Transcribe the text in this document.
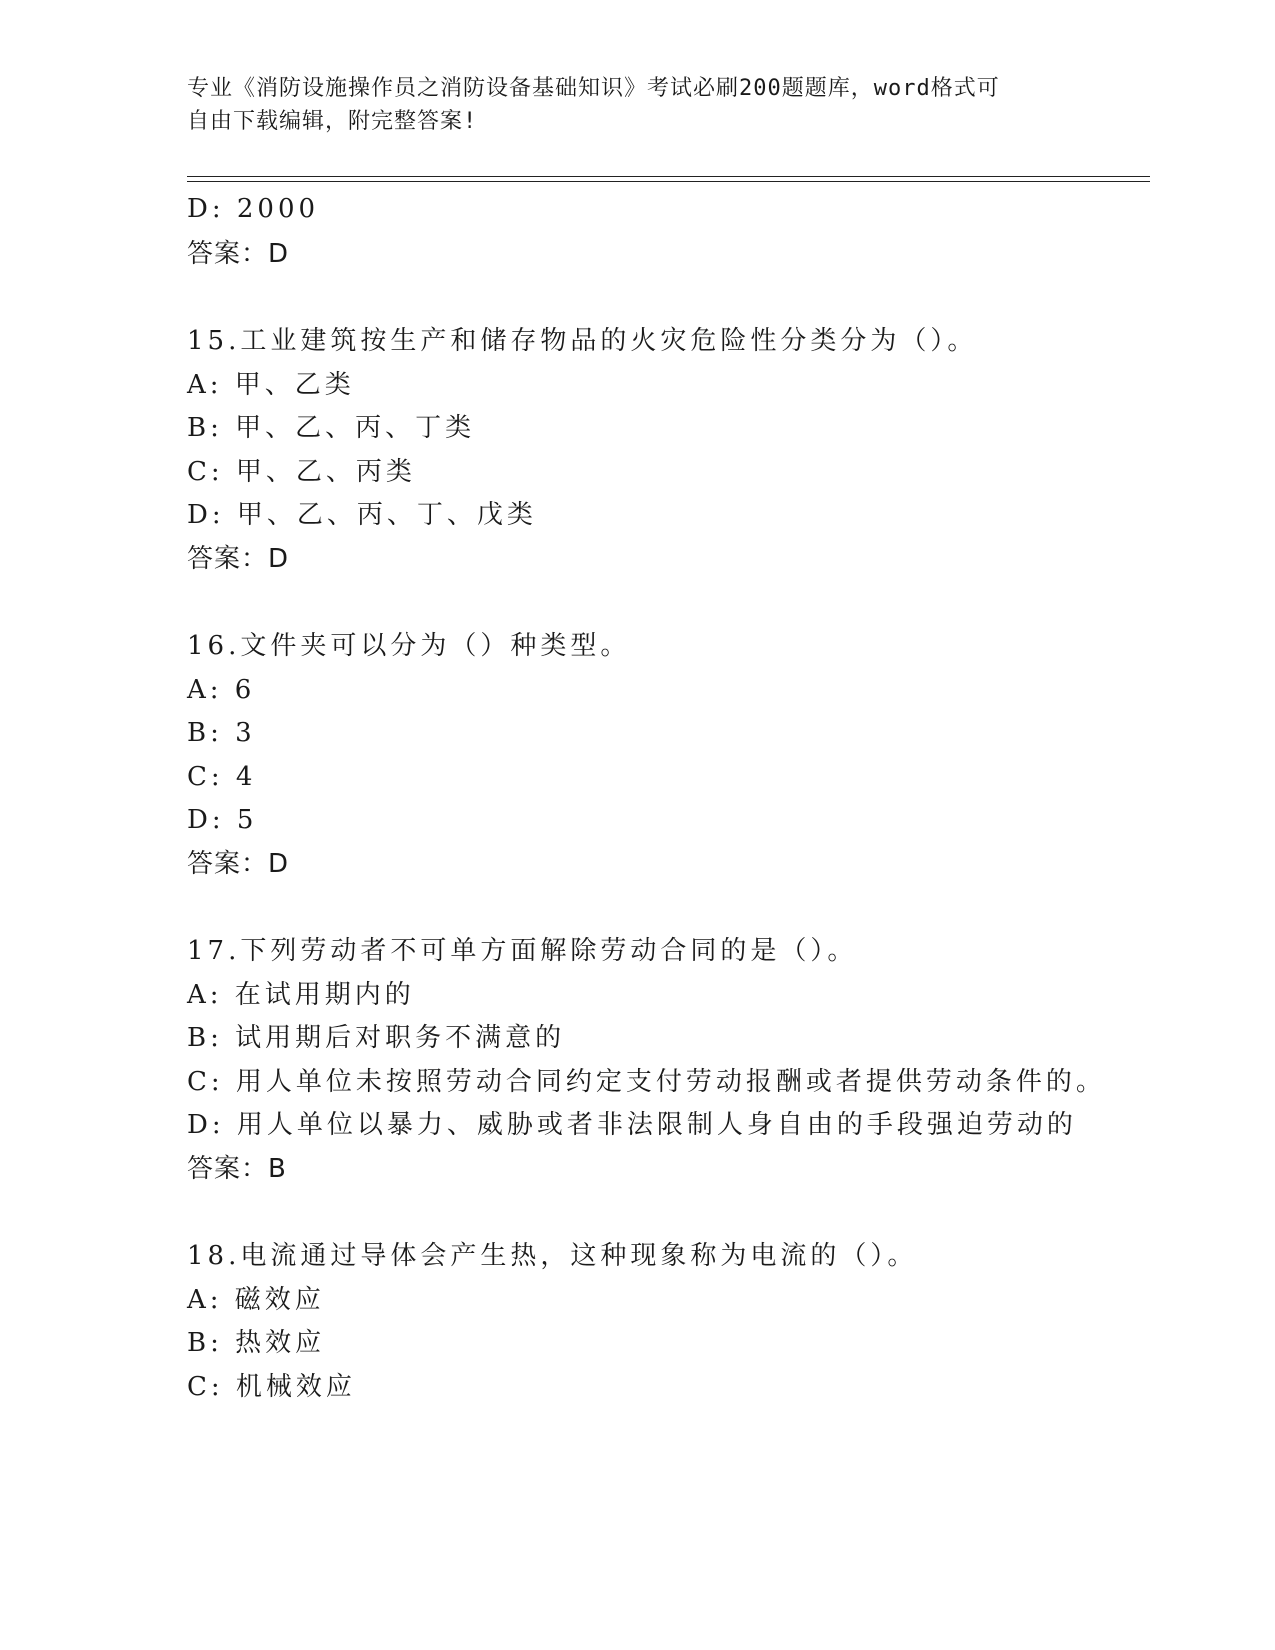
专业《消防设施操作员之消防设备基础知识》考试必刷200题题库，word格式可
自由下载编辑，附完整答案!
D: 2000
答案：D
15.工业建筑按生产和储存物品的火灾危险性分类分为（）。
A: 甲、乙类
B: 甲、乙、丙、丁类
C: 甲、乙、丙类
D: 甲、乙、丙、丁、戊类
答案：D
16.文件夹可以分为（）种类型。
A: 6
B: 3
C: 4
D: 5
答案：D
17.下列劳动者不可单方面解除劳动合同的是（）。
A: 在试用期内的
B: 试用期后对职务不满意的
C: 用人单位未按照劳动合同约定支付劳动报酬或者提供劳动条件的。
D: 用人单位以暴力、威胁或者非法限制人身自由的手段强迫劳动的
答案：B
18.电流通过导体会产生热，这种现象称为电流的（）。
A: 磁效应
B: 热效应
C: 机械效应
